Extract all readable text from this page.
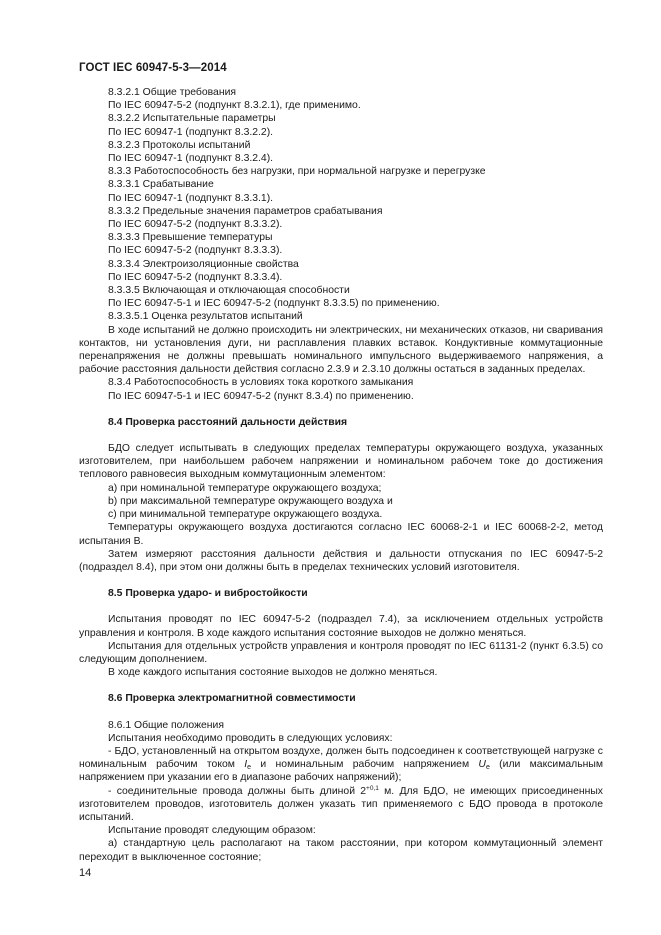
ГОСТ IEC 60947-5-3—2014
8.3.2.1 Общие требования
По IEC 60947-5-2 (подпункт 8.3.2.1), где применимо.
8.3.2.2 Испытательные параметры
По IEC 60947-1 (подпункт 8.3.2.2).
8.3.2.3 Протоколы испытаний
По IEC 60947-1 (подпункт 8.3.2.4).
8.3.3 Работоспособность без нагрузки, при нормальной нагрузке и перегрузке
8.3.3.1 Срабатывание
По IEC 60947-1 (подпункт 8.3.3.1).
8.3.3.2 Предельные значения параметров срабатывания
По IEC 60947-5-2 (подпункт 8.3.3.2).
8.3.3.3 Превышение температуры
По IEC 60947-5-2 (подпункт 8.3.3.3).
8.3.3.4 Электроизоляционные свойства
По IEC 60947-5-2 (подпункт 8.3.3.4).
8.3.3.5 Включающая и отключающая способности
По IEC 60947-5-1 и IEC 60947-5-2 (подпункт 8.3.3.5) по применению.
8.3.3.5.1 Оценка результатов испытаний
В ходе испытаний не должно происходить ни электрических, ни механических отказов, ни сваривания контактов, ни установления дуги, ни расплавления плавких вставок. Кондуктивные коммутационные перенапряжения не должны превышать номинального импульсного выдерживаемого напряжения, а рабочие расстояния дальности действия согласно 2.3.9 и 2.3.10 должны остаться в заданных пределах.
8.3.4 Работоспособность в условиях тока короткого замыкания
По IEC 60947-5-1 и IEC 60947-5-2 (пункт 8.3.4) по применению.
8.4 Проверка расстояний дальности действия
БДО следует испытывать в следующих пределах температуры окружающего воздуха, указанных изготовителем, при наибольшем рабочем напряжении и номинальном рабочем токе до достижения теплового равновесия выходным коммутационным элементом:
a) при номинальной температуре окружающего воздуха;
b) при максимальной температуре окружающего воздуха и
c) при минимальной температуре окружающего воздуха.
Температуры окружающего воздуха достигаются согласно IEC 60068-2-1 и IEC 60068-2-2, метод испытания B.
Затем измеряют расстояния дальности действия и дальности отпускания по IEC 60947-5-2 (подраздел 8.4), при этом они должны быть в пределах технических условий изготовителя.
8.5 Проверка ударо- и вибростойкости
Испытания проводят по IEC 60947-5-2 (подраздел 7.4), за исключением отдельных устройств управления и контроля. В ходе каждого испытания состояние выходов не должно меняться.
Испытания для отдельных устройств управления и контроля проводят по IEC 61131-2 (пункт 6.3.5) со следующим дополнением.
В ходе каждого испытания состояние выходов не должно меняться.
8.6 Проверка электромагнитной совместимости
8.6.1 Общие положения
Испытания необходимо проводить в следующих условиях:
- БДО, установленный на открытом воздухе, должен быть подсоединен к соответствующей нагрузке с номинальным рабочим током $I_e$ и номинальным рабочим напряжением $U_e$ (или максимальным напряжением при указании его в диапазоне рабочих напряжений);
- соединительные провода должны быть длиной $2^{+0,1}$ м. Для БДО, не имеющих присоединенных изготовителем проводов, изготовитель должен указать тип применяемого с БДО провода в протоколе испытаний.
Испытание проводят следующим образом:
a) стандартную цель располагают на таком расстоянии, при котором коммутационный элемент переходит в выключенное состояние;
14
